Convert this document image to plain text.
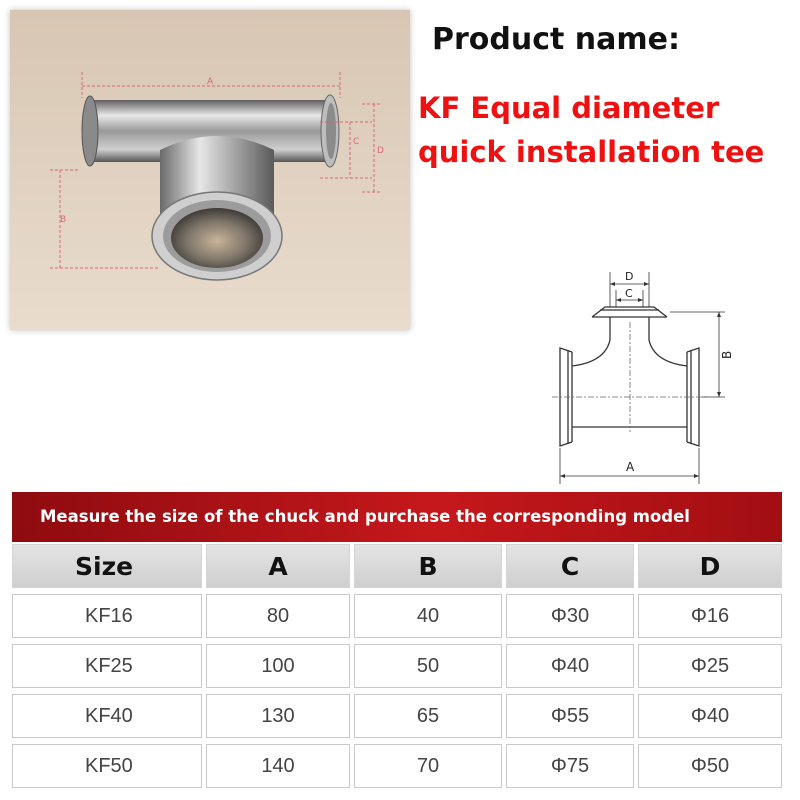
A
C
D
B
Product name:
KF Equal diameter
quick installation tee
D
C
B
A
Measure the size of the chuck and purchase the corresponding model
Size	A	B	C	D
KF16	80	40	Φ30	Φ16
KF25	100	50	Φ40	Φ25
KF40	130	65	Φ55	Φ40
KF50	140	70	Φ75	Φ50
